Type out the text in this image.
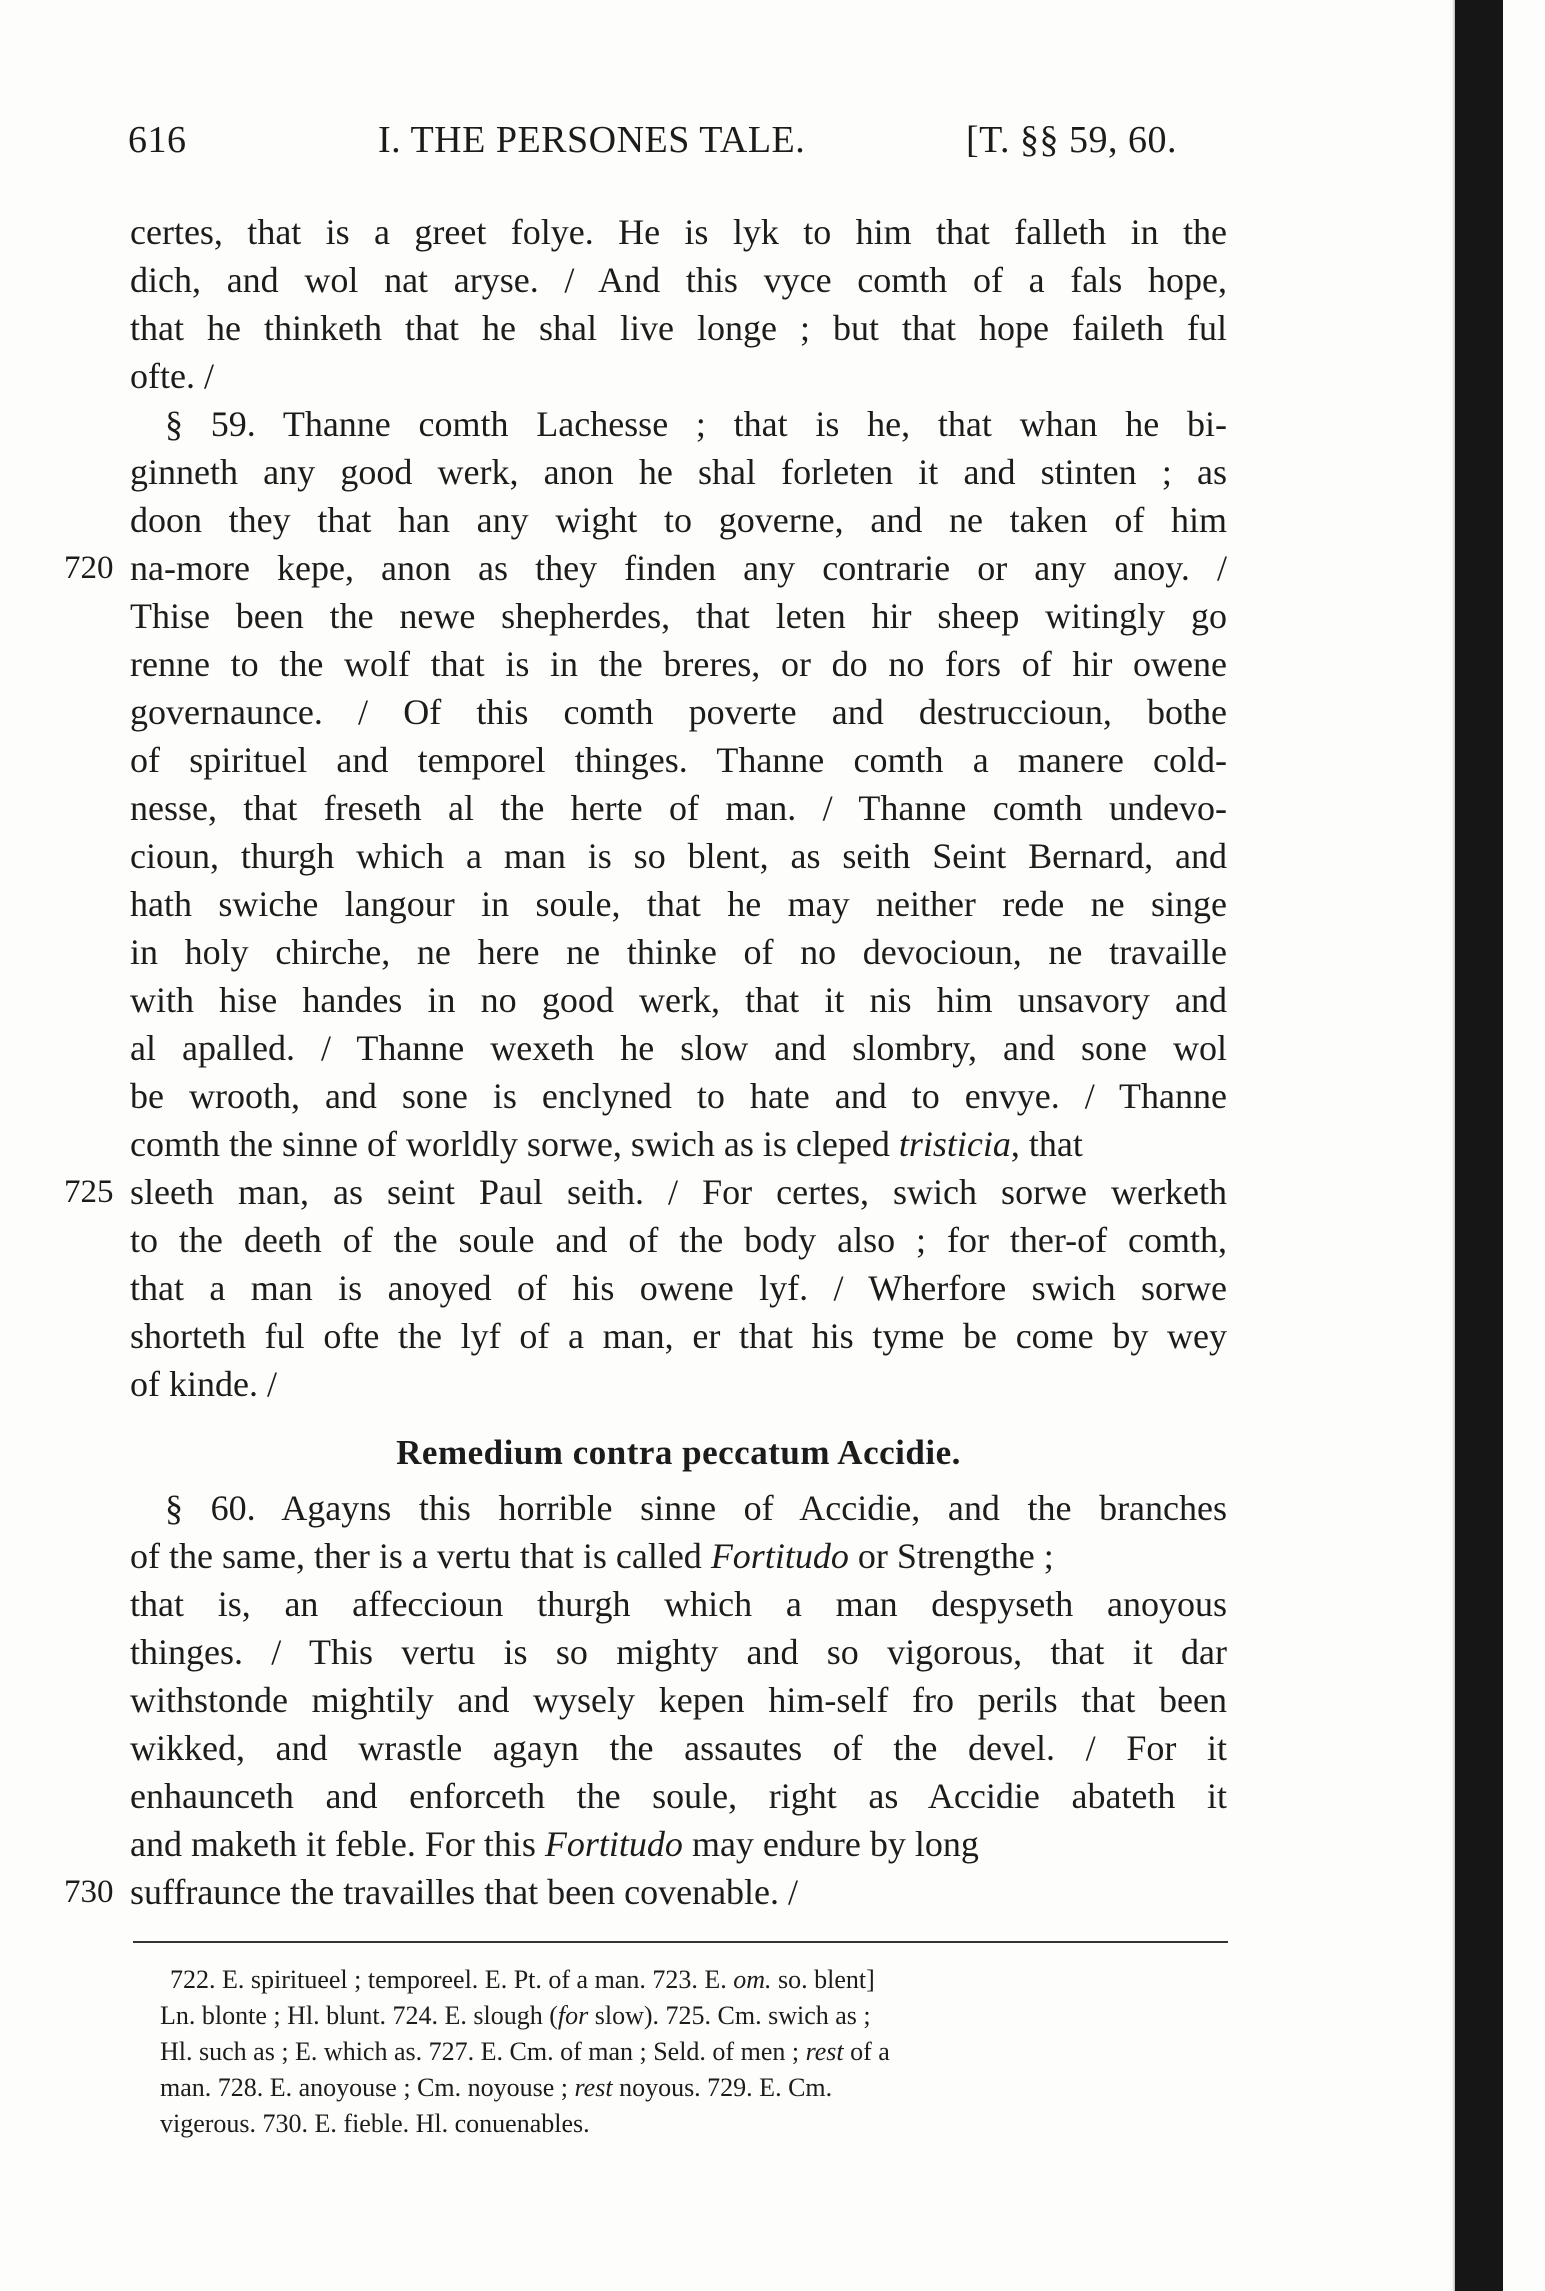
616	I. THE PERSONES TALE.	[T. §§ 59, 60.
certes, that is a greet folye. He is lyk to him that falleth in the
dich, and wol nat aryse. / And this vyce comth of a fals hope,
that he thinketh that he shal live longe ; but that hope faileth ful
ofte. /
§ 59. Thanne comth Lachesse ; that is he, that whan he bi-
ginneth any good werk, anon he shal forleten it and stinten ; as
doon they that han any wight to governe, and ne taken of him
720 na-more kepe, anon as they finden any contrarie or any anoy. /
Thise been the newe shepherdes, that leten hir sheep witingly go
renne to the wolf that is in the breres, or do no fors of hir owene
governaunce. / Of this comth poverte and destruccioun, bothe
of spirituel and temporel thinges. Thanne comth a manere cold-
nesse, that freseth al the herte of man. / Thanne comth undevo-
cioun, thurgh which a man is so blent, as seith Seint Bernard, and
hath swiche langour in soule, that he may neither rede ne singe
in holy chirche, ne here ne thinke of no devocioun, ne travaille
with hise handes in no good werk, that it nis him unsavory and
al apalled. / Thanne wexeth he slow and slombry, and sone wol
be wrooth, and sone is enclyned to hate and to envye. / Thanne
comth the sinne of worldly sorwe, swich as is cleped tristicia, that
725 sleeth man, as seint Paul seith. / For certes, swich sorwe werketh
to the deeth of the soule and of the body also ; for ther-of comth,
that a man is anoyed of his owene lyf. / Wherfore swich sorwe
shorteth ful ofte the lyf of a man, er that his tyme be come by wey
of kinde. /
Remedium contra peccatum Accidie.
§ 60. Agayns this horrible sinne of Accidie, and the branches
of the same, ther is a vertu that is called Fortitudo or Strengthe ;
that is, an affeccioun thurgh which a man despyseth anoyous
thinges. / This vertu is so mighty and so vigorous, that it dar
withstonde mightily and wysely kepen him-self fro perils that been
wikked, and wrastle agayn the assautes of the devel. / For it
enhaunceth and enforceth the soule, right as Accidie abateth it
and maketh it feble. For this Fortitudo may endure by long
730 suffraunce the travailles that been covenable. /
722. E. spiritueel ; temporeel. E. Pt. of a man. 723. E. om. so. blent]
Ln. blonte ; Hl. blunt. 724. E. slough (for slow). 725. Cm. swich as ;
Hl. such as ; E. which as. 727. E. Cm. of man ; Seld. of men ; rest of a
man. 728. E. anoyouse ; Cm. noyouse ; rest noyous. 729. E. Cm.
vigerous. 730. E. fieble. Hl. conuenables.
